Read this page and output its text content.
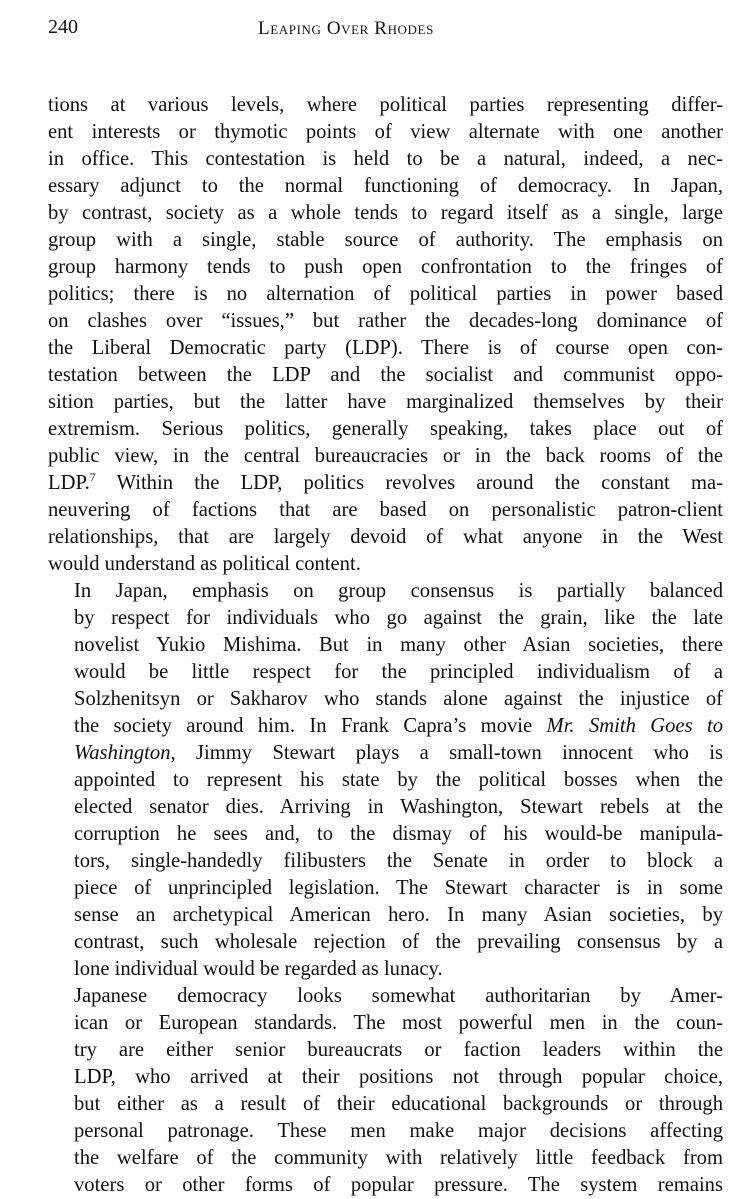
240	Leaping Over Rhodes

tions at various levels, where political parties representing differ-
ent interests or thymotic points of view alternate with one another
in office. This contestation is held to be a natural, indeed, a nec-
essary adjunct to the normal functioning of democracy. In Japan,
by contrast, society as a whole tends to regard itself as a single, large
group with a single, stable source of authority. The emphasis on
group harmony tends to push open confrontation to the fringes of
politics; there is no alternation of political parties in power based
on clashes over “issues,” but rather the decades-long dominance of
the Liberal Democratic party (LDP). There is of course open con-
testation between the LDP and the socialist and communist oppo-
sition parties, but the latter have marginalized themselves by their
extremism. Serious politics, generally speaking, takes place out of
public view, in the central bureaucracies or in the back rooms of the
LDP.$^7$ Within the LDP, politics revolves around the constant ma-
neuvering of factions that are based on personalistic patron-client
relationships, that are largely devoid of what anyone in the West
would understand as political content.

In Japan, emphasis on group consensus is partially balanced
by respect for individuals who go against the grain, like the late
novelist Yukio Mishima. But in many other Asian societies, there
would be little respect for the principled individualism of a
Solzhenitsyn or Sakharov who stands alone against the injustice of
the society around him. In Frank Capra’s movie Mr. Smith Goes to
Washington, Jimmy Stewart plays a small-town innocent who is
appointed to represent his state by the political bosses when the
elected senator dies. Arriving in Washington, Stewart rebels at the
corruption he sees and, to the dismay of his would-be manipula-
tors, single-handedly filibusters the Senate in order to block a
piece of unprincipled legislation. The Stewart character is in some
sense an archetypical American hero. In many Asian societies, by
contrast, such wholesale rejection of the prevailing consensus by a
lone individual would be regarded as lunacy.

Japanese democracy looks somewhat authoritarian by Amer-
ican or European standards. The most powerful men in the coun-
try are either senior bureaucrats or faction leaders within the
LDP, who arrived at their positions not through popular choice,
but either as a result of their educational backgrounds or through
personal patronage. These men make major decisions affecting
the welfare of the community with relatively little feedback from
voters or other forms of popular pressure. The system remains
